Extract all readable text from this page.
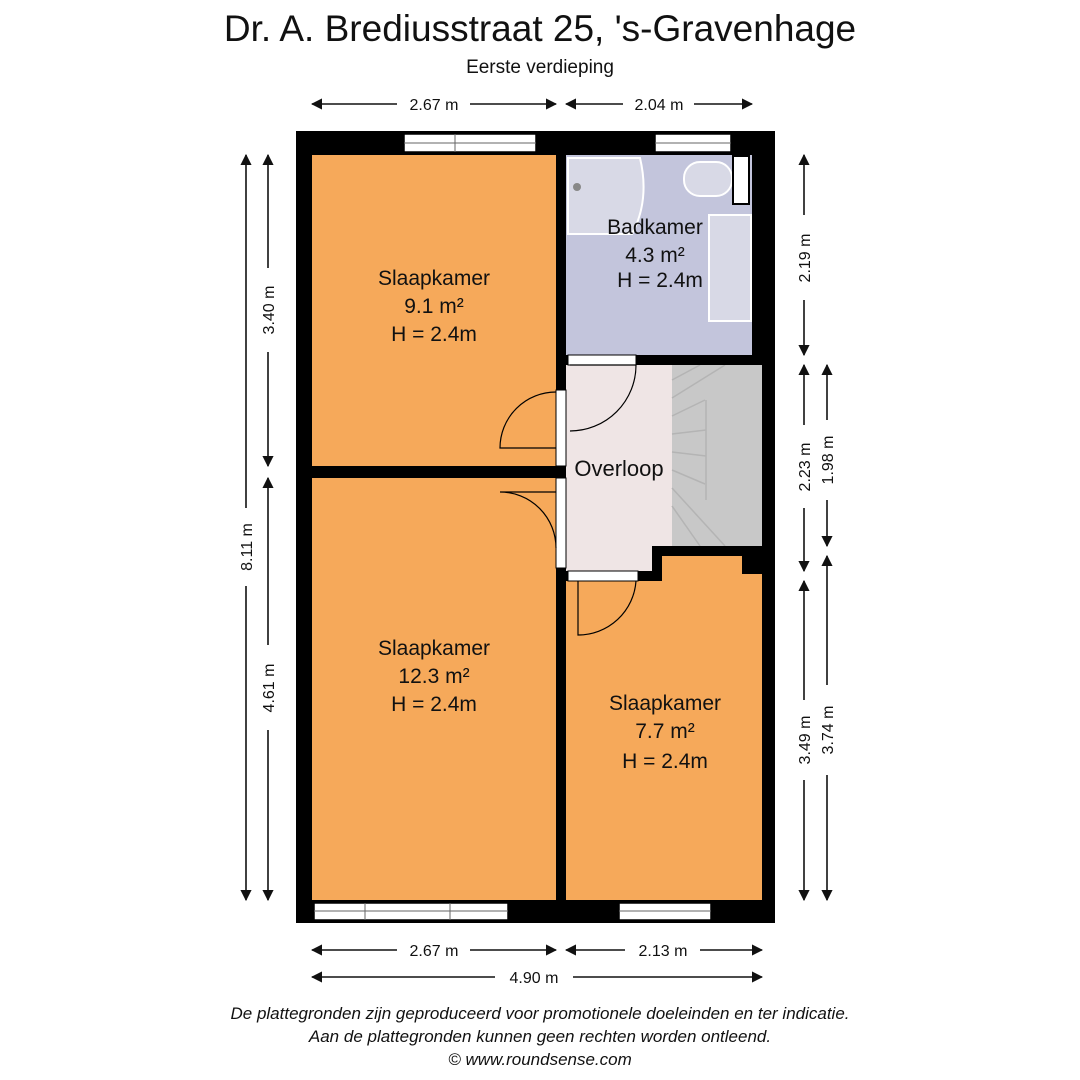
Dr. A. Brediusstraat 25, 's-Gravenhage
Eerste verdieping
Slaapkamer
9.1 m²
H = 2.4m
Slaapkamer
12.3 m²
H = 2.4m	Slaapkamer
7.7 m²
H = 2.4m
Badkamer
4.3 m²
H = 2.4m
Overloop
2.67 m	2.04 m
2.67 m	2.13 m
4.90 m
8.11 m
3.40 m
4.61 m
2.19 m
2.23 m 1.98 m
3.49 m 3.74 m
De plattegronden zijn geproduceerd voor promotionele doeleinden en ter indicatie.
Aan de plattegronden kunnen geen rechten worden ontleend.
© www.roundsense.com
